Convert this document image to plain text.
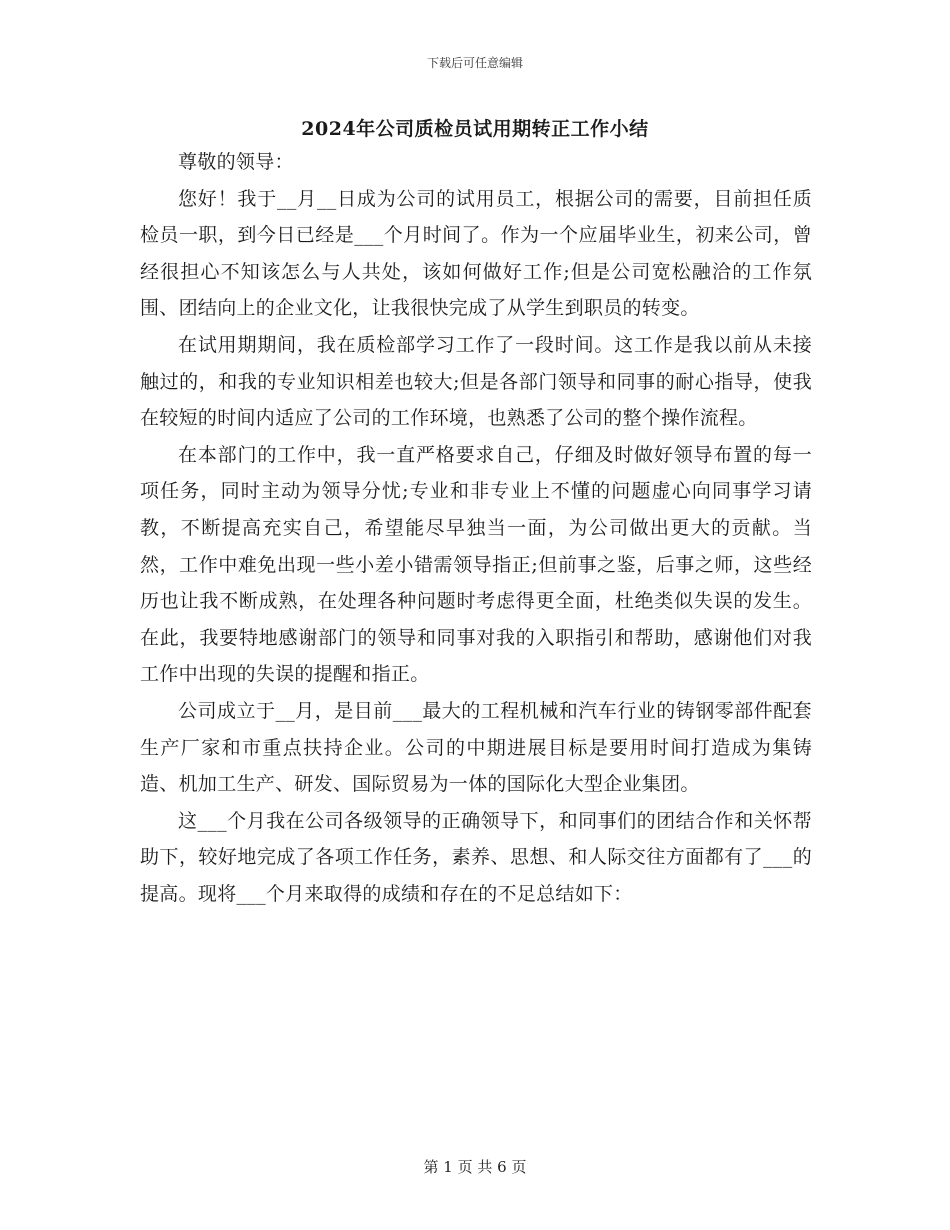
下载后可任意编辑
2024年公司质检员试用期转正工作小结

尊敬的领导：

您好！我于__月__日成为公司的试用员工，根据公司的需要，目前担任质检员一职，到今日已经是___个月时间了。作为一个应届毕业生，初来公司，曾经很担心不知该怎么与人共处，该如何做好工作;但是公司宽松融洽的工作氛围、团结向上的企业文化，让我很快完成了从学生到职员的转变。

在试用期期间，我在质检部学习工作了一段时间。这工作是我以前从未接触过的，和我的专业知识相差也较大;但是各部门领导和同事的耐心指导，使我在较短的时间内适应了公司的工作环境，也熟悉了公司的整个操作流程。

在本部门的工作中，我一直严格要求自己，仔细及时做好领导布置的每一项任务，同时主动为领导分忧;专业和非专业上不懂的问题虚心向同事学习请教，不断提高充实自己，希望能尽早独当一面，为公司做出更大的贡献。当然，工作中难免出现一些小差小错需领导指正;但前事之鉴，后事之师，这些经历也让我不断成熟，在处理各种问题时考虑得更全面，杜绝类似失误的发生。在此，我要特地感谢部门的领导和同事对我的入职指引和帮助，感谢他们对我工作中出现的失误的提醒和指正。

公司成立于__月，是目前___最大的工程机械和汽车行业的铸钢零部件配套生产厂家和市重点扶持企业。公司的中期进展目标是要用时间打造成为集铸造、机加工生产、研发、国际贸易为一体的国际化大型企业集团。

这___个月我在公司各级领导的正确领导下，和同事们的团结合作和关怀帮助下，较好地完成了各项工作任务，素养、思想、和人际交往方面都有了___的提高。现将___个月来取得的成绩和存在的不足总结如下：

第 1 页 共 6 页
